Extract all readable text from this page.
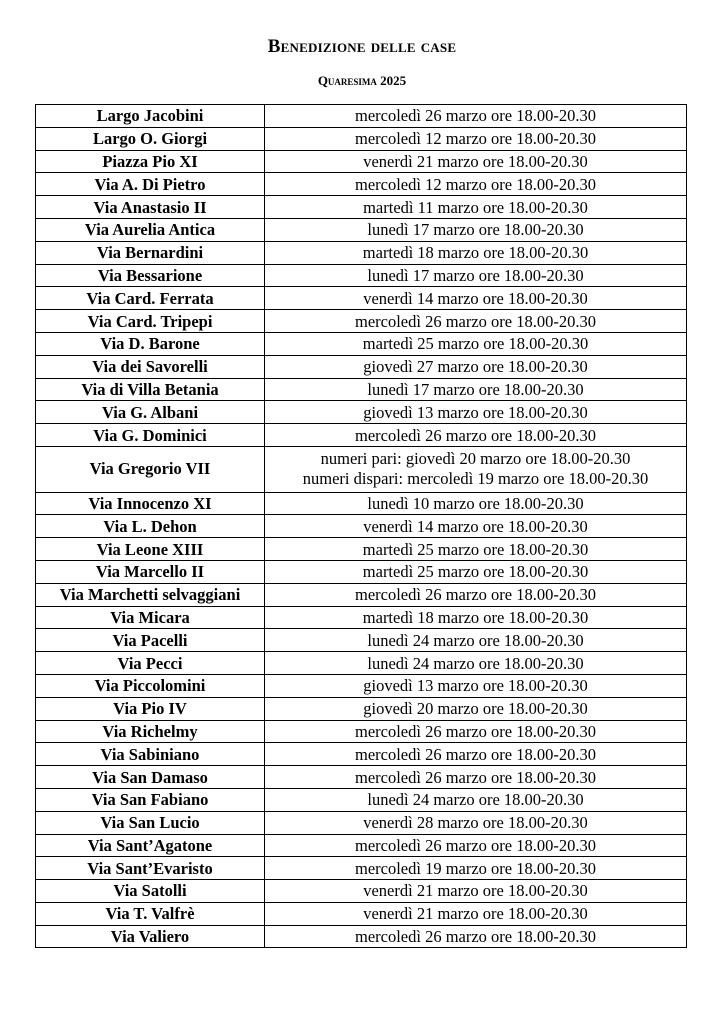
Benedizione delle case
Quaresima 2025
Largo Jacobini	mercoledì 26 marzo ore 18.00-20.30

Largo O. Giorgi	mercoledì 12 marzo ore 18.00-20.30

Piazza Pio XI	venerdì 21 marzo ore 18.00-20.30

Via A. Di Pietro	mercoledì 12 marzo ore 18.00-20.30

Via Anastasio II	martedì 11 marzo ore 18.00-20.30

Via Aurelia Antica	lunedì 17 marzo ore 18.00-20.30

Via Bernardini	martedì 18 marzo ore 18.00-20.30

Via Bessarione	lunedì 17 marzo ore 18.00-20.30

Via Card. Ferrata	venerdì 14 marzo ore 18.00-20.30

Via Card. Tripepi	mercoledì 26 marzo ore 18.00-20.30

Via D. Barone	martedì 25 marzo ore 18.00-20.30

Via dei Savorelli	giovedì 27 marzo ore 18.00-20.30

Via di Villa Betania	lunedì 17 marzo ore 18.00-20.30

Via G. Albani	giovedì 13 marzo ore 18.00-20.30

Via G. Dominici	mercoledì 26 marzo ore 18.00-20.30

Via Gregorio VII	numeri pari: giovedì 20 marzo ore 18.00-20.30
numeri dispari: mercoledì 19 marzo ore 18.00-20.30

Via Innocenzo XI	lunedì 10 marzo ore 18.00-20.30

Via L. Dehon	venerdì 14 marzo ore 18.00-20.30

Via Leone XIII	martedì 25 marzo ore 18.00-20.30

Via Marcello II	martedì 25 marzo ore 18.00-20.30

Via Marchetti selvaggiani	mercoledì 26 marzo ore 18.00-20.30

Via Micara	martedì 18 marzo ore 18.00-20.30

Via Pacelli	lunedì 24 marzo ore 18.00-20.30

Via Pecci	lunedì 24 marzo ore 18.00-20.30

Via Piccolomini	giovedì 13 marzo ore 18.00-20.30

Via Pio IV	giovedì 20 marzo ore 18.00-20.30

Via Richelmy	mercoledì 26 marzo ore 18.00-20.30

Via Sabiniano	mercoledì 26 marzo ore 18.00-20.30

Via San Damaso	mercoledì 26 marzo ore 18.00-20.30

Via San Fabiano	lunedì 24 marzo ore 18.00-20.30

Via San Lucio	venerdì 28 marzo ore 18.00-20.30

Via Sant’Agatone	mercoledì 26 marzo ore 18.00-20.30

Via Sant’Evaristo	mercoledì 19 marzo ore 18.00-20.30

Via Satolli	venerdì 21 marzo ore 18.00-20.30

Via T. Valfrè	venerdì 21 marzo ore 18.00-20.30

Via Valiero	mercoledì 26 marzo ore 18.00-20.30
